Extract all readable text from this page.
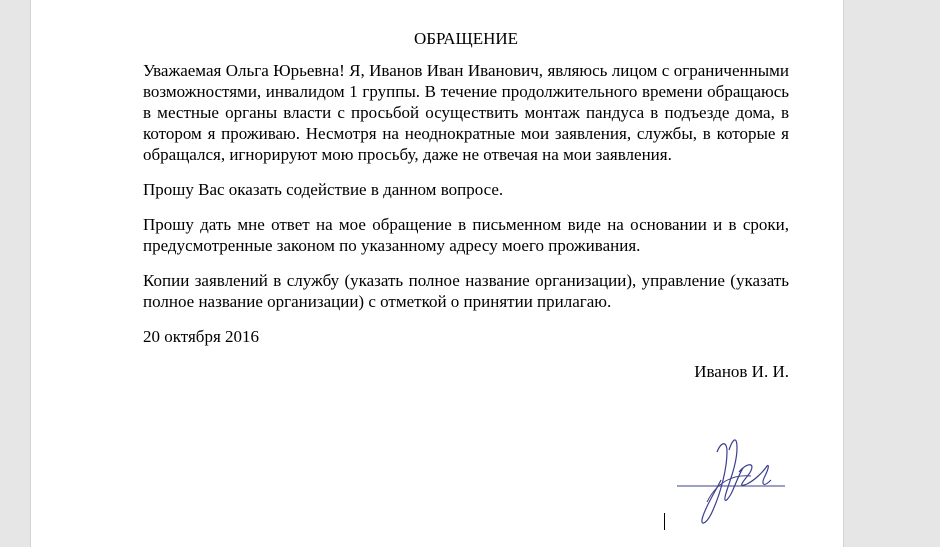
ОБРАЩЕНИЕ

Уважаемая Ольга Юрьевна! Я, Иванов Иван Иванович, являюсь лицом с ограниченными возможностями, инвалидом 1 группы. В течение продолжительного времени обращаюсь в местные органы власти с просьбой осуществить монтаж пандуса в подъезде дома, в котором я проживаю. Несмотря на неоднократные мои заявления, службы, в которые я обращался, игнорируют мою просьбу, даже не отвечая на мои заявления.

Прошу Вас оказать содействие в данном вопросе.

Прошу дать мне ответ на мое обращение в письменном виде на основании и в сроки, предусмотренные законом по указанному адресу моего проживания.

Копии заявлений в службу (указать полное название организации), управление (указать полное название организации) с отметкой о принятии прилагаю.

20 октября 2016

Иванов И. И.
